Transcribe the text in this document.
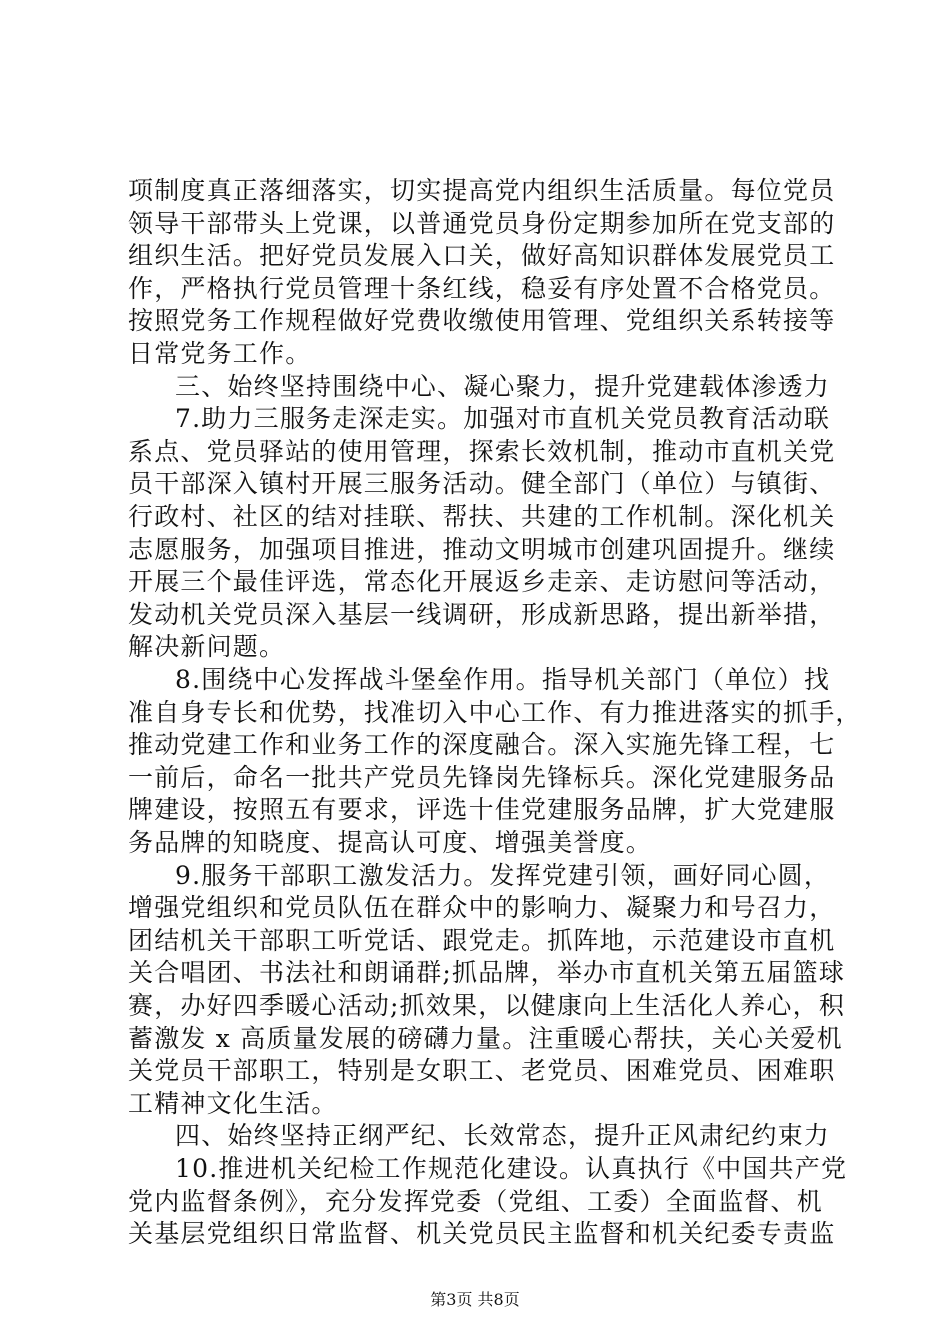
项制度真正落细落实，切实提高党内组织生活质量。每位党员
领导干部带头上党课，以普通党员身份定期参加所在党支部的
组织生活。把好党员发展入口关，做好高知识群体发展党员工
作，严格执行党员管理十条红线，稳妥有序处置不合格党员。
按照党务工作规程做好党费收缴使用管理、党组织关系转接等
日常党务工作。
三、始终坚持围绕中心、凝心聚力，提升党建载体渗透力
7.助力三服务走深走实。加强对市直机关党员教育活动联
系点、党员驿站的使用管理，探索长效机制，推动市直机关党
员干部深入镇村开展三服务活动。健全部门（单位）与镇街、
行政村、社区的结对挂联、帮扶、共建的工作机制。深化机关
志愿服务，加强项目推进，推动文明城市创建巩固提升。继续
开展三个最佳评选，常态化开展返乡走亲、走访慰问等活动，
发动机关党员深入基层一线调研，形成新思路，提出新举措，
解决新问题。
8.围绕中心发挥战斗堡垒作用。指导机关部门（单位）找
准自身专长和优势，找准切入中心工作、有力推进落实的抓手，
推动党建工作和业务工作的深度融合。深入实施先锋工程，七
一前后，命名一批共产党员先锋岗先锋标兵。深化党建服务品
牌建设，按照五有要求，评选十佳党建服务品牌，扩大党建服
务品牌的知晓度、提高认可度、增强美誉度。
9.服务干部职工激发活力。发挥党建引领，画好同心圆，
增强党组织和党员队伍在群众中的影响力、凝聚力和号召力，
团结机关干部职工听党话、跟党走。抓阵地，示范建设市直机
关合唱团、书法社和朗诵群;抓品牌，举办市直机关第五届篮球
赛，办好四季暖心活动;抓效果，以健康向上生活化人养心，积
蓄激发 x 高质量发展的磅礴力量。注重暖心帮扶，关心关爱机
关党员干部职工，特别是女职工、老党员、困难党员、困难职
工精神文化生活。
四、始终坚持正纲严纪、长效常态，提升正风肃纪约束力
10.推进机关纪检工作规范化建设。认真执行《中国共产党
党内监督条例》，充分发挥党委（党组、工委）全面监督、机
关基层党组织日常监督、机关党员民主监督和机关纪委专责监
第3页 共8页
